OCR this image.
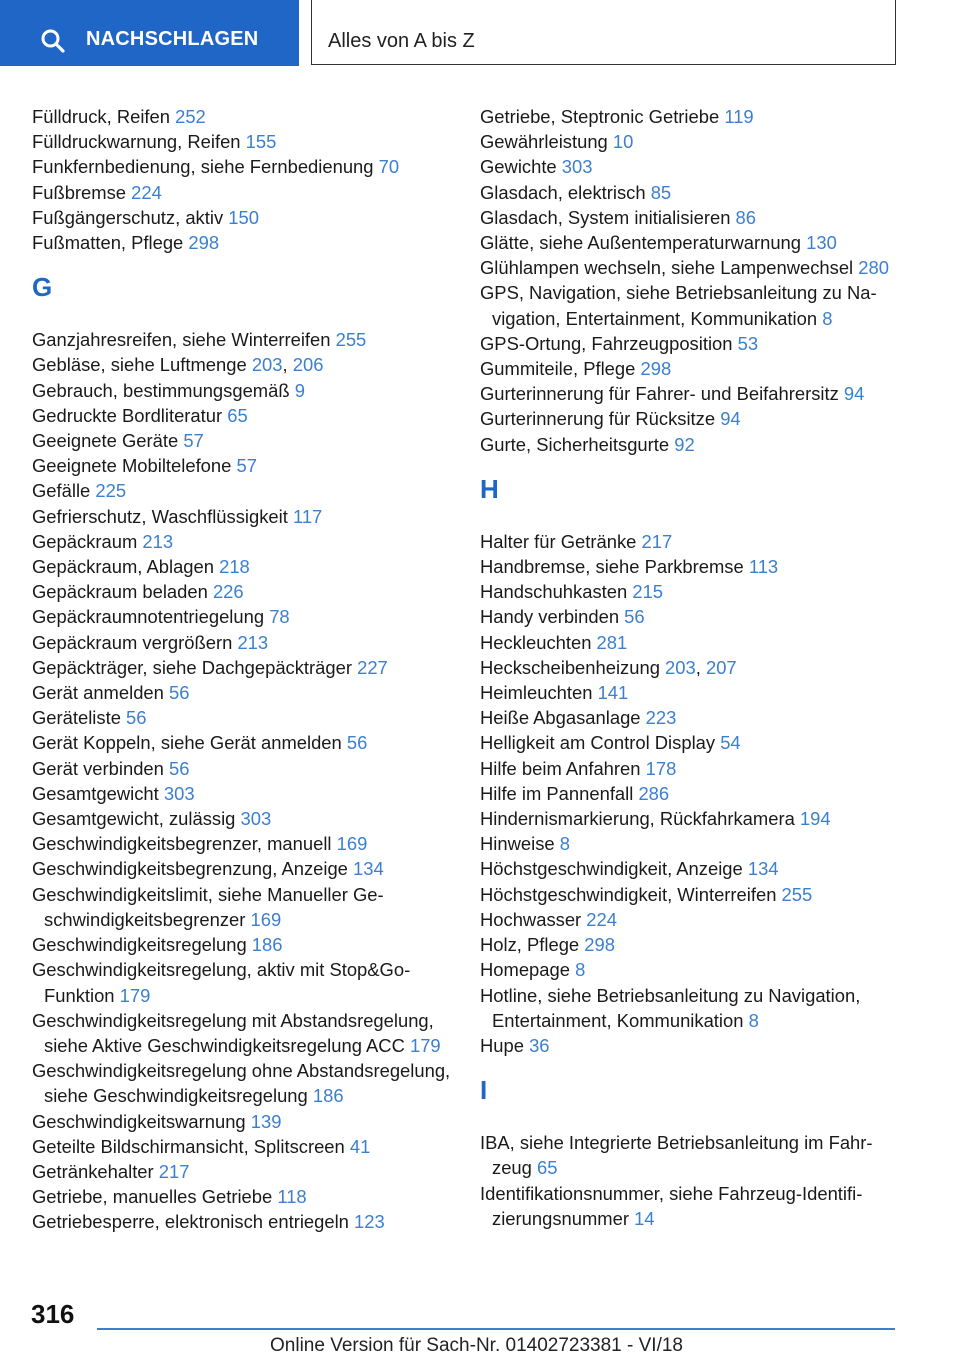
NACHSCHLAGEN	Alles von A bis Z
Fülldruck, Reifen 252
Fülldruckwarnung, Reifen 155
Funkfernbedienung, siehe Fernbedienung 70
Fußbremse 224
Fußgängerschutz, aktiv 150
Fußmatten, Pflege 298
G
Ganzjahresreifen, siehe Winterreifen 255
Gebläse, siehe Luftmenge 203, 206
Gebrauch, bestimmungsgemäß 9
Gedruckte Bordliteratur 65
Geeignete Geräte 57
Geeignete Mobiltelefone 57
Gefälle 225
Gefrierschutz, Waschflüssigkeit 117
Gepäckraum 213
Gepäckraum, Ablagen 218
Gepäckraum beladen 226
Gepäckraumnotentriegelung 78
Gepäckraum vergrößern 213
Gepäckträger, siehe Dachgepäckträger 227
Gerät anmelden 56
Geräteliste 56
Gerät Koppeln, siehe Gerät anmelden 56
Gerät verbinden 56
Gesamtgewicht 303
Gesamtgewicht, zulässig 303
Geschwindigkeitsbegrenzer, manuell 169
Geschwindigkeitsbegrenzung, Anzeige 134
Geschwindigkeitslimit, siehe Manueller Geschwindigkeitsbegrenzer 169
Geschwindigkeitsregelung 186
Geschwindigkeitsregelung, aktiv mit Stop&Go-Funktion 179
Geschwindigkeitsregelung mit Abstandsregelung, siehe Aktive Geschwindigkeitsregelung ACC 179
Geschwindigkeitsregelung ohne Abstandsregelung, siehe Geschwindigkeitsregelung 186
Geschwindigkeitswarnung 139
Geteilte Bildschirmansicht, Splitscreen 41
Getränkehalter 217
Getriebe, manuelles Getriebe 118
Getriebesperre, elektronisch entriegeln 123
Getriebe, Steptronic Getriebe 119
Gewährleistung 10
Gewichte 303
Glasdach, elektrisch 85
Glasdach, System initialisieren 86
Glätte, siehe Außentemperaturwarnung 130
Glühlampen wechseln, siehe Lampenwechsel 280
GPS, Navigation, siehe Betriebsanleitung zu Navigation, Entertainment, Kommunikation 8
GPS-Ortung, Fahrzeugposition 53
Gummiteile, Pflege 298
Gurterinnerung für Fahrer- und Beifahrersitz 94
Gurterinnerung für Rücksitze 94
Gurte, Sicherheitsgurte 92
H
Halter für Getränke 217
Handbremse, siehe Parkbremse 113
Handschuhkasten 215
Handy verbinden 56
Heckleuchten 281
Heckscheibenheizung 203, 207
Heimleuchten 141
Heiße Abgasanlage 223
Helligkeit am Control Display 54
Hilfe beim Anfahren 178
Hilfe im Pannenfall 286
Hindernismarkierung, Rückfahrkamera 194
Hinweise 8
Höchstgeschwindigkeit, Anzeige 134
Höchstgeschwindigkeit, Winterreifen 255
Hochwasser 224
Holz, Pflege 298
Homepage 8
Hotline, siehe Betriebsanleitung zu Navigation, Entertainment, Kommunikation 8
Hupe 36
I
IBA, siehe Integrierte Betriebsanleitung im Fahrzeug 65
Identifikationsnummer, siehe Fahrzeug-Identifizierungsnummer 14
316
Online Version für Sach-Nr. 01402723381 - VI/18
